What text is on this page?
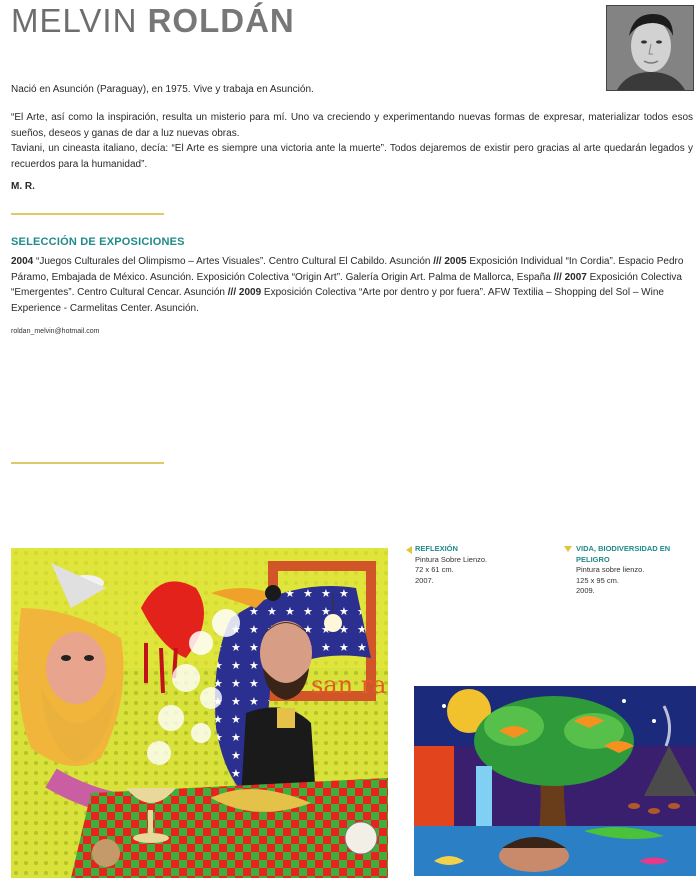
MELVIN ROLDÁN
Nació en Asunción (Paraguay), en 1975. Vive y trabaja en Asunción.

“El Arte, así como la inspiración, resulta un misterio para mí. Uno va creciendo y experimentando nuevas formas de expresar, materializar todos esos sueños, deseos y ganas de dar a luz nuevas obras.

Taviani, un cineasta italiano, decía: “El Arte es siempre una victoria ante la muerte”. Todos dejaremos de existir pero gracias al arte quedarán legados y recuerdos para la humanidad”.

M. R.
SELECCIÓN DE EXPOSICIONES
2004 “Juegos Culturales del Olimpismo – Artes Visuales”. Centro Cultural El Cabildo. Asunción /// 2005 Exposición Individual “In Cordia”. Espacio Pedro Páramo, Embajada de México. Asunción. Exposición Colectiva “Origin Art”. Galería Origin Art. Palma de Mallorca, España /// 2007 Exposición Colectiva “Emergentes”. Centro Cultural Cencar. Asunción /// 2009 Exposición Colectiva “Arte por dentro y por fuera”. AFW Textilia – Shopping del Sol – Wine Experience - Carmelitas Center. Asunción.
roldan_melvin@hotmail.com
REFLEXIÓN
Pintura Sobre Lienzo.
72 x 61 cm.
2007.
VIDA, BIODIVERSIDAD EN PELIGRO
Pintura sobre lienzo.
125 x 95 cm.
2009.
san ra
